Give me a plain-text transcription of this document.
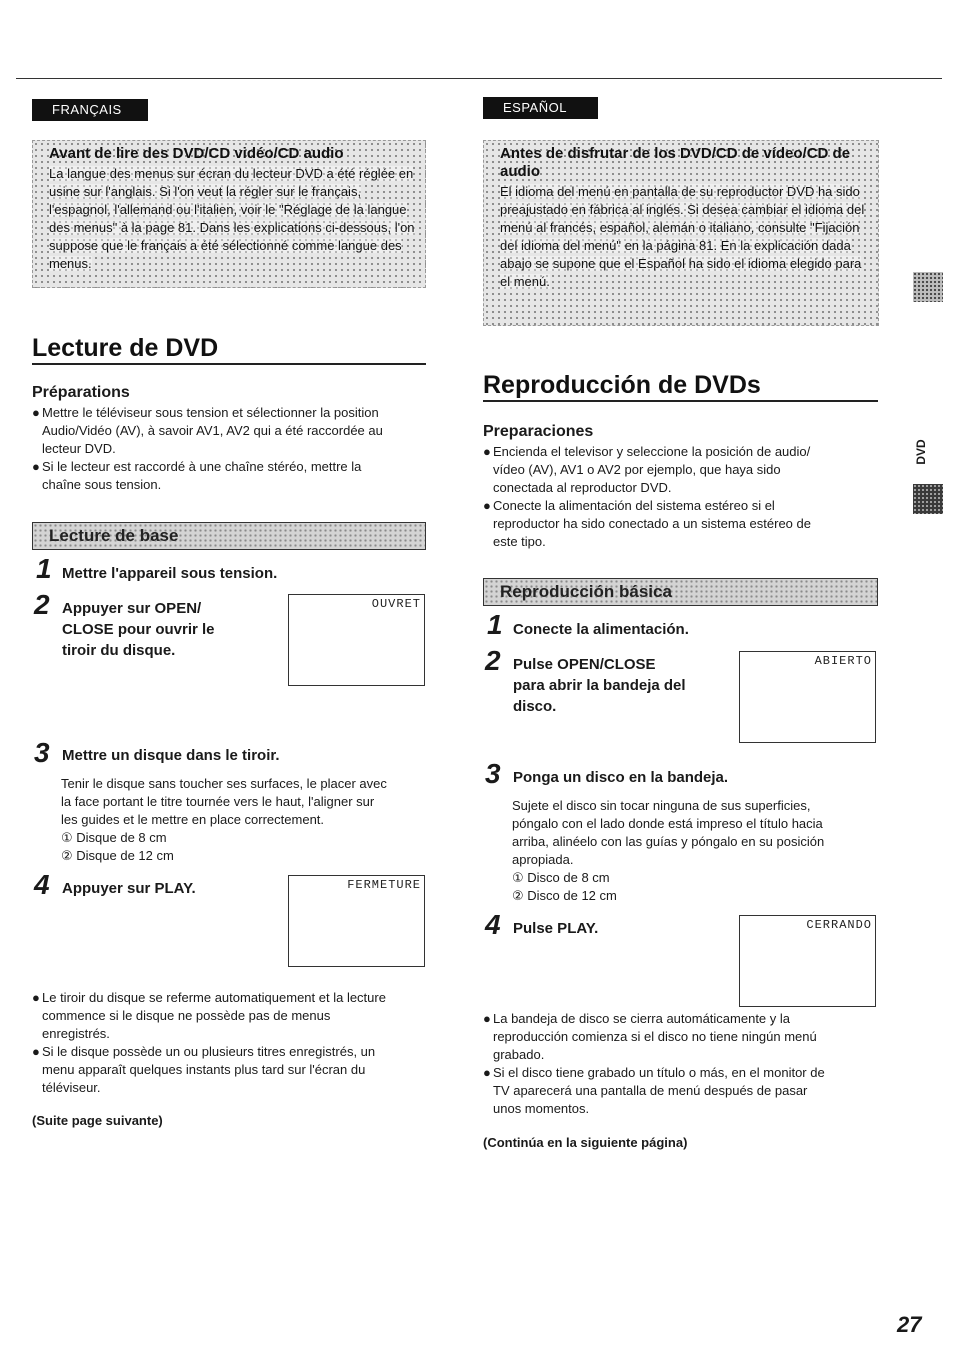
FRANÇAIS
Avant de lire des DVD/CD vidéo/CD audio
La langue des menus sur écran du lecteur DVD a été réglée en usine sur l'anglais. Si l'on veut la régler sur le français, l'espagnol, l'allemand ou l'italien, voir le "Réglage de la langue des menus" à la page 81. Dans les explications ci-dessous, l'on suppose que le français a été sélectionné comme langue des menus.
Lecture de DVD
Préparations
● Mettre le téléviseur sous tension et sélectionner la position
Audio/Vidéo (AV), à savoir AV1, AV2 qui a été raccordée au
lecteur DVD.
● Si le lecteur est raccordé à une chaîne stéréo, mettre la
chaîne sous tension.
Lecture de base
1 Mettre l'appareil sous tension.
2 Appuyer sur OPEN/
CLOSE pour ouvrir le
tiroir du disque.
OUVRET
3 Mettre un disque dans le tiroir.
Tenir le disque sans toucher ses surfaces, le placer avec
la face portant le titre tournée vers le haut, l'aligner sur
les guides et le mettre en place correctement.
① Disque de 8 cm
② Disque de 12 cm
4 Appuyer sur PLAY.	FERMETURE
● Le tiroir du disque se referme automatiquement et la lecture
commence si le disque ne possède pas de menus
enregistrés.
● Si le disque possède un ou plusieurs titres enregistrés, un
menu apparaît quelques instants plus tard sur l'écran du
téléviseur.
(Suite page suivante)
ESPAÑOL
Antes de disfrutar de los DVD/CD de vídeo/CD de audio
El idioma del menú en pantalla de su reproductor DVD ha sido preajustado en fábrica al inglés. Si desea cambiar el idioma del menú al francés, español, alemán o italiano, consulte "Fijación del idioma del menú" en la página 81. En la explicación dada abajo se supone que el Español ha sido el idioma elegido para el menú.
Reproducción de DVDs
Preparaciones
● Encienda el televisor y seleccione la posición de audio/
vídeo (AV), AV1 o AV2 por ejemplo, que haya sido
conectada al reproductor DVD.
● Conecte la alimentación del sistema estéreo si el
reproductor ha sido conectado a un sistema estéreo de
este tipo.
Reproducción básica
1 Conecte la alimentación.
2 Pulse OPEN/CLOSE
para abrir la bandeja del
disco.
ABIERTO
3 Ponga un disco en la bandeja.
Sujete el disco sin tocar ninguna de sus superficies,
póngalo con el lado donde está impreso el título hacia
arriba, alinéelo con las guías y póngalo en su posición
apropiada.
① Disco de 8 cm
② Disco de 12 cm
4 Pulse PLAY.	CERRANDO
● La bandeja de disco se cierra automáticamente y la
reproducción comienza si el disco no tiene ningún menú
grabado.
● Si el disco tiene grabado un título o más, en el monitor de
TV aparecerá una pantalla de menú después de pasar
unos momentos.
(Continúa en la siguiente página)
DVD
27
